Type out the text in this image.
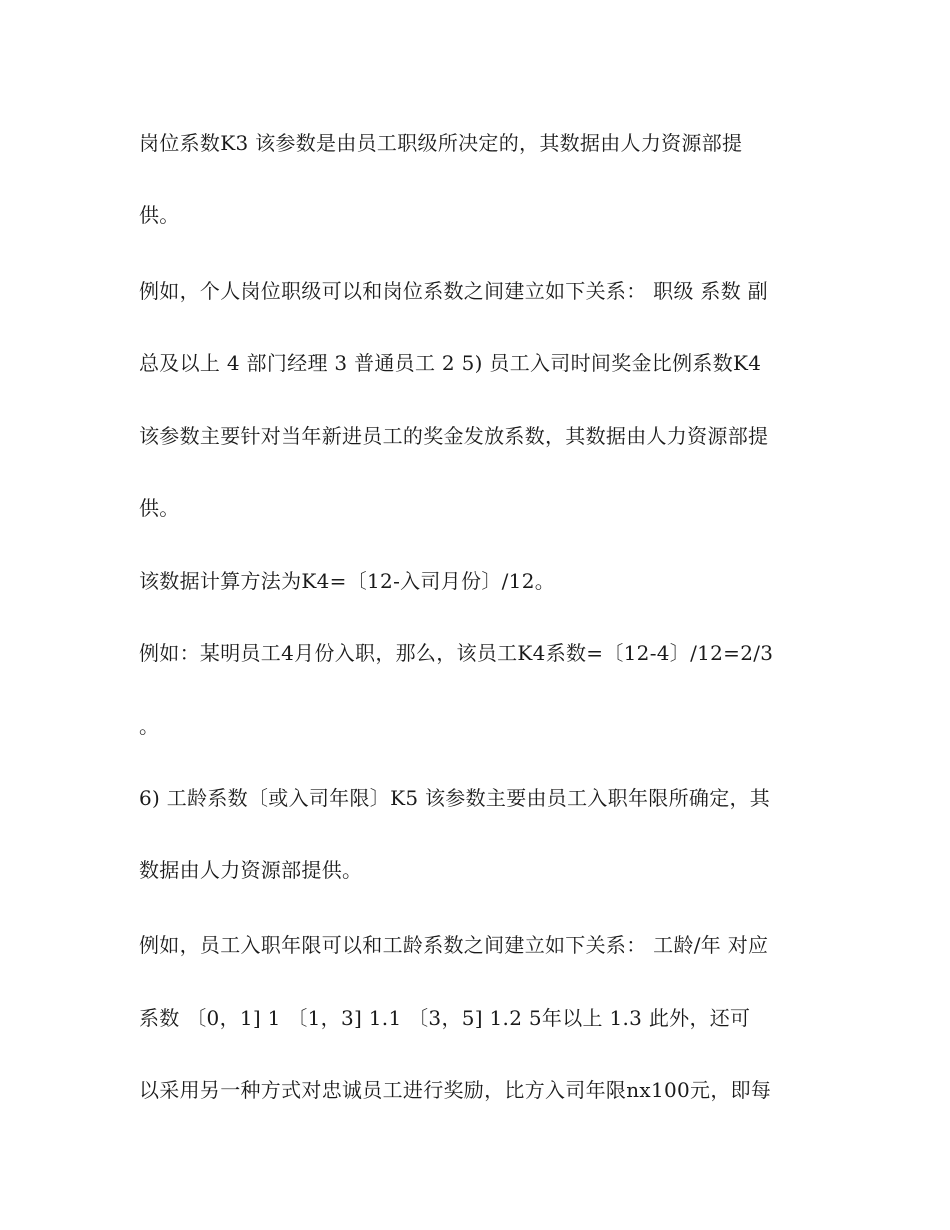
岗位系数K3 该参数是由员工职级所决定的，其数据由人力资源部提
供。
例如，个人岗位职级可以和岗位系数之间建立如下关系： 职级 系数 副
总及以上 4 部门经理 3 普通员工 2 5) 员工入司时间奖金比例系数K4
该参数主要针对当年新进员工的奖金发放系数，其数据由人力资源部提
供。
该数据计算方法为K4=〔12-入司月份〕/12。
例如：某明员工4月份入职，那么，该员工K4系数=〔12-4〕/12=2/3
。
6) 工龄系数〔或入司年限〕K5 该参数主要由员工入职年限所确定，其
数据由人力资源部提供。
例如，员工入职年限可以和工龄系数之间建立如下关系： 工龄/年 对应
系数 〔0，1] 1 〔1，3] 1.1 〔3，5] 1.2 5年以上 1.3 此外，还可
以采用另一种方式对忠诚员工进行奖励，比方入司年限nx100元，即每
